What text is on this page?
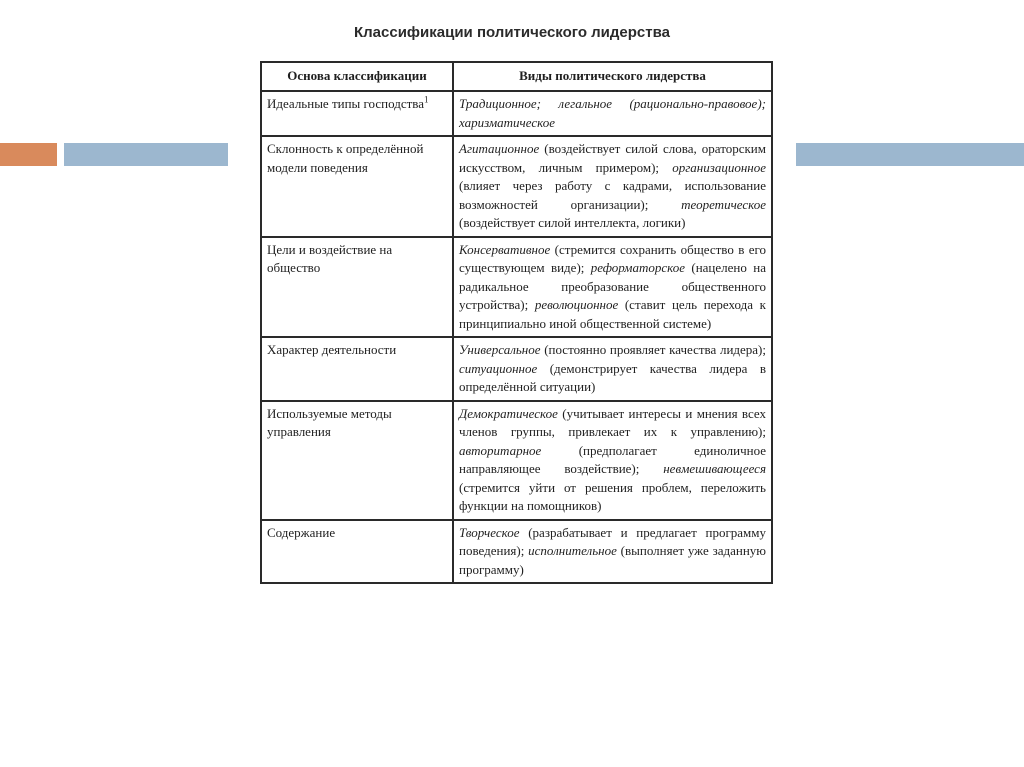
Классификации политического лидерства
Основа классификации	Виды политического лидерства
Идеальные типы господства$^1$	Традиционное; легальное (рационально-правовое); харизматическое
Склонность к определённой модели поведения	Агитационное (воздействует силой слова, ораторским искусством, личным примером); организационное (влияет через работу с кадрами, использование возможностей организации); теоретическое (воздействует силой интеллекта, логики)
Цели и воздействие на общество	Консервативное (стремится сохранить общество в его существующем виде); реформаторское (нацелено на радикальное преобразование общественного устройства); революционное (ставит цель перехода к принципиально иной общественной системе)
Характер деятельности	Универсальное (постоянно проявляет качества лидера); ситуационное (демонстрирует качества лидера в определённой ситуации)
Используемые методы управления	Демократическое (учитывает интересы и мнения всех членов группы, привлекает их к управлению); авторитарное (предполагает единоличное направляющее воздействие); невмешивающееся (стремится уйти от решения проблем, переложить функции на помощников)
Содержание	Творческое (разрабатывает и предлагает программу поведения); исполнительное (выполняет уже заданную программу)
